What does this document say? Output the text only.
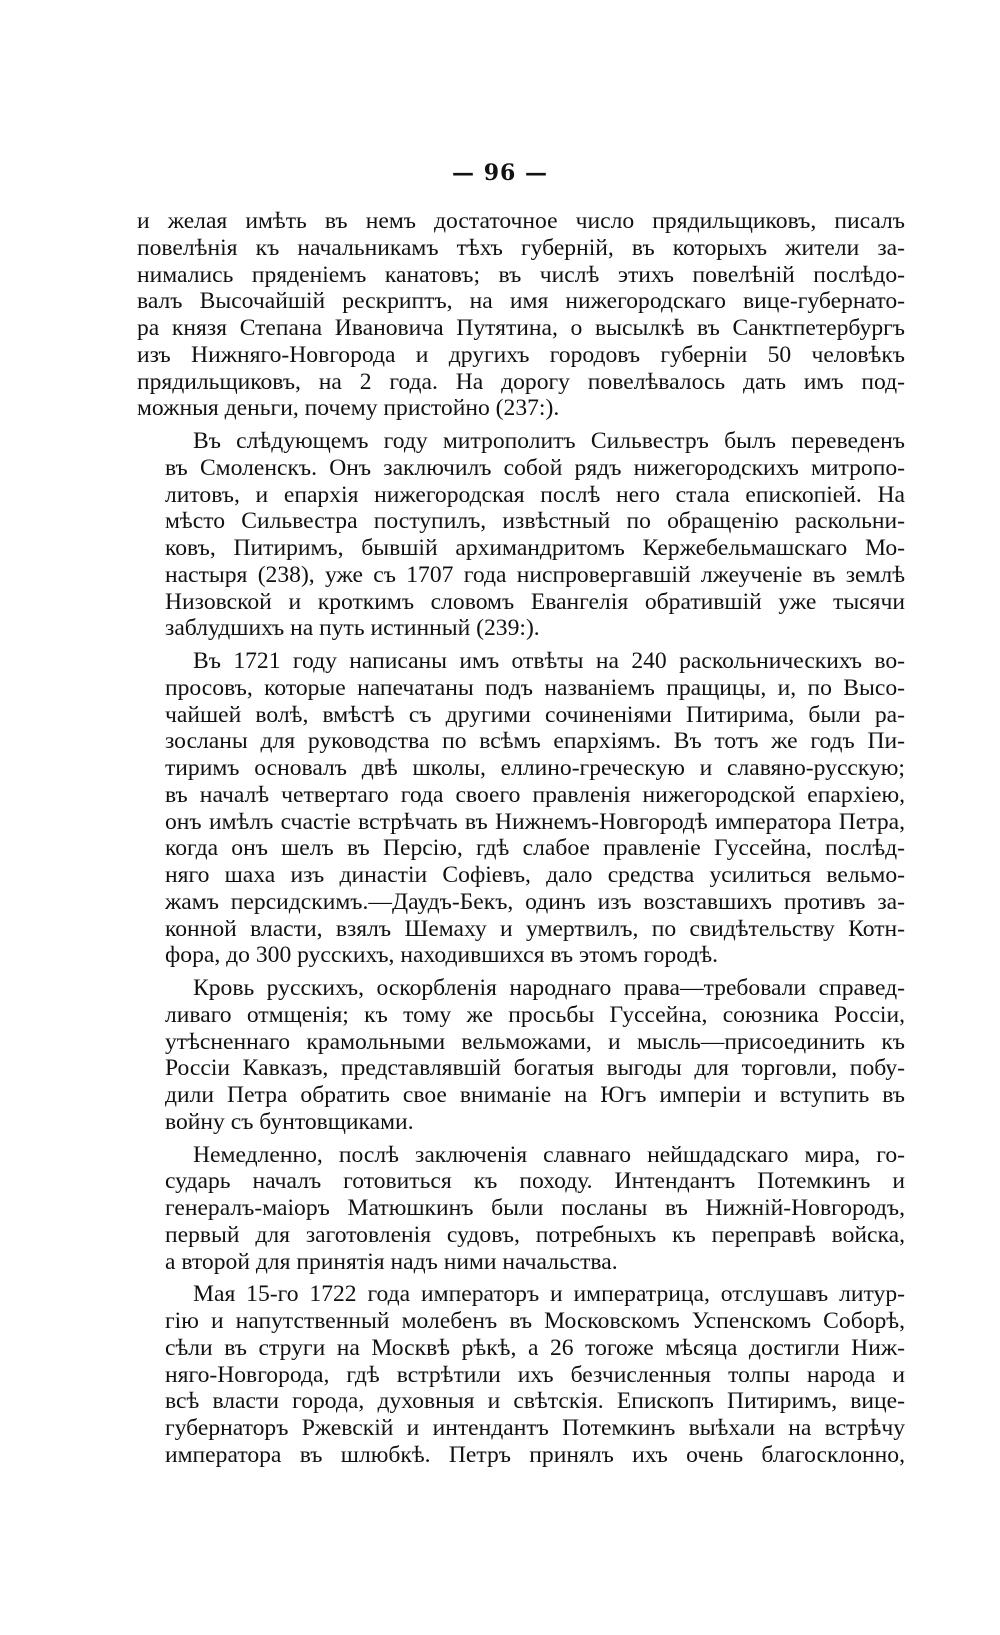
— 96 —

и желая имѣть въ немъ достаточное число прядильщиковъ, писалъ
повелѣнія къ начальникамъ тѣхъ губерній, въ которыхъ жители за-
нимались пряденіемъ канатовъ; въ числѣ этихъ повелѣній послѣдо-
валъ Высочайшій рескриптъ, на имя нижегородскаго вице-губернато-
ра князя Степана Ивановича Путятина, о высылкѣ въ Санктпетербургъ
изъ Нижняго-Новгорода и другихъ городовъ губерніи 50 человѣкъ
прядильщиковъ, на 2 года. На дорогу повелѣвалось дать имъ под-
можныя деньги, почему пристойно (237:).

Въ слѣдующемъ году митрополитъ Сильвестръ былъ переведенъ
въ Смоленскъ. Онъ заключилъ собой рядъ нижегородскихъ митропо-
литовъ, и епархія нижегородская послѣ него стала епископіей. На
мѣсто Сильвестра поступилъ, извѣстный по обращенію раскольни-
ковъ, Питиримъ, бывшій архимандритомъ Кержебельмашскаго Мо-
настыря (238), уже съ 1707 года ниспровергавшій лжеученіе въ землѣ
Низовской и кроткимъ словомъ Евангелія обратившій уже тысячи
заблудшихъ на путь истинный (239:).

Въ 1721 году написаны имъ отвѣты на 240 раскольническихъ во-
просовъ, которые напечатаны подъ названіемъ пращицы, и, по Высо-
чайшей волѣ, вмѣстѣ съ другими сочиненіями Питирима, были ра-
зосланы для руководства по всѣмъ епархіямъ. Въ тотъ же годъ Пи-
тиримъ основалъ двѣ школы, еллино-греческую и славяно-русскую;
въ началѣ четвертаго года своего правленія нижегородской епархіею,
онъ имѣлъ счастіе встрѣчать въ Нижнемъ-Новгородѣ императора Петра,
когда онъ шелъ въ Персію, гдѣ слабое правленіе Гуссейна, послѣд-
няго шаха изъ династіи Софіевъ, дало средства усилиться вельмо-
жамъ персидскимъ.—Даудъ-Бекъ, одинъ изъ возставшихъ противъ за-
конной власти, взялъ Шемаху и умертвилъ, по свидѣтельству Котн-
фора, до 300 русскихъ, находившихся въ этомъ городѣ.

Кровь русскихъ, оскорбленія народнаго права—требовали справед-
ливаго отмщенія; къ тому же просьбы Гуссейна, союзника Россіи,
утѣсненнаго крамольными вельможами, и мысль—присоединить къ
Россіи Кавказъ, представлявшій богатыя выгоды для торговли, побу-
дили Петра обратить свое вниманіе на Югъ имперіи и вступить въ
войну съ бунтовщиками.

Немедленно, послѣ заключенія славнаго нейшдадскаго мира, го-
сударь началъ готовиться къ походу. Интендантъ Потемкинъ и
генералъ-маіоръ Матюшкинъ были посланы въ Нижній-Новгородъ,
первый для заготовленія судовъ, потребныхъ къ переправѣ войска,
а второй для принятія надъ ними начальства.

Мая 15-го 1722 года императоръ и императрица, отслушавъ литур-
гію и напутственный молебенъ въ Московскомъ Успенскомъ Соборѣ,
сѣли въ струги на Москвѣ рѣкѣ, а 26 тогоже мѣсяца достигли Ниж-
няго-Новгорода, гдѣ встрѣтили ихъ безчисленныя толпы народа и
всѣ власти города, духовныя и свѣтскія. Епископъ Питиримъ, вице-
губернаторъ Ржевскій и интендантъ Потемкинъ выѣхали на встрѣчу
императора въ шлюбкѣ. Петръ принялъ ихъ очень благосклонно,
